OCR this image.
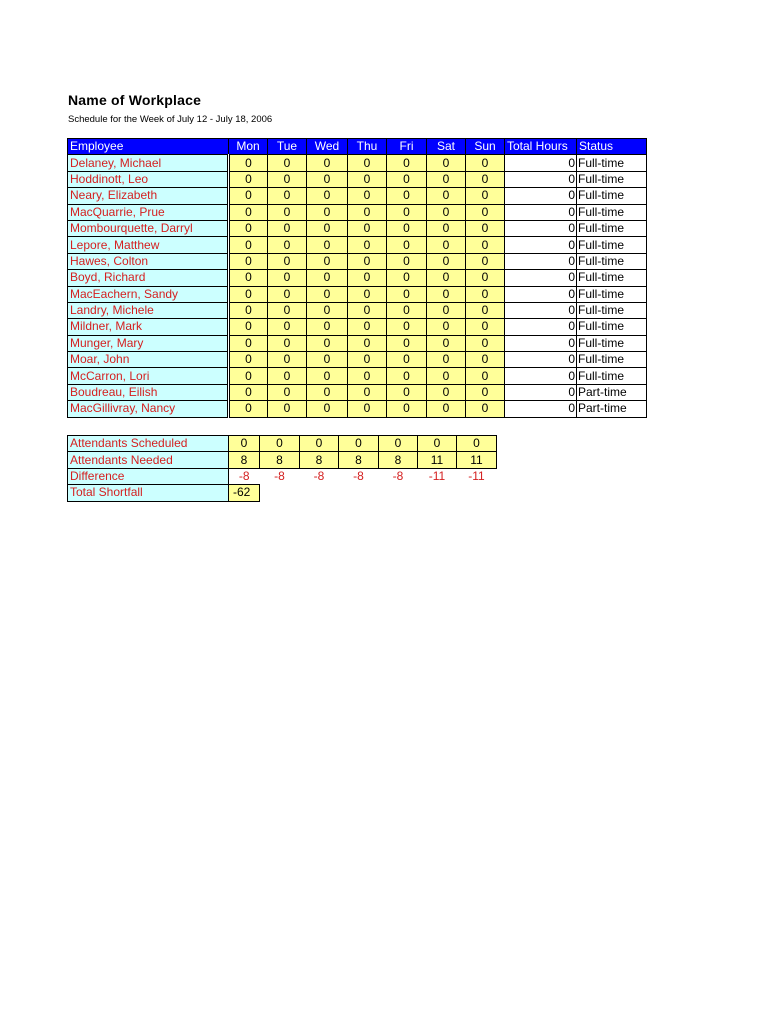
Name of Workplace
Schedule for the Week of July 12 - July 18, 2006
Employee	Mon	Tue	Wed	Thu	Fri	Sat	Sun	Total Hours	Status
Delaney, Michael	0	0	0	0	0	0	0	0	Full-time
Hoddinott, Leo	0	0	0	0	0	0	0	0	Full-time
Neary, Elizabeth	0	0	0	0	0	0	0	0	Full-time
MacQuarrie, Prue	0	0	0	0	0	0	0	0	Full-time
Mombourquette, Darryl	0	0	0	0	0	0	0	0	Full-time
Lepore, Matthew	0	0	0	0	0	0	0	0	Full-time
Hawes, Colton	0	0	0	0	0	0	0	0	Full-time
Boyd, Richard	0	0	0	0	0	0	0	0	Full-time
MacEachern, Sandy	0	0	0	0	0	0	0	0	Full-time
Landry, Michele	0	0	0	0	0	0	0	0	Full-time
Mildner, Mark	0	0	0	0	0	0	0	0	Full-time
Munger, Mary	0	0	0	0	0	0	0	0	Full-time
Moar, John	0	0	0	0	0	0	0	0	Full-time
McCarron, Lori	0	0	0	0	0	0	0	0	Full-time
Boudreau, Eilish	0	0	0	0	0	0	0	0	Part-time
MacGillivray, Nancy	0	0	0	0	0	0	0	0	Part-time
Attendants Scheduled	0	0	0	0	0	0	0
Attendants Needed	8	8	8	8	8	11	11
Difference	-8	-8	-8	-8	-8	-11	-11
Total Shortfall	-62						
